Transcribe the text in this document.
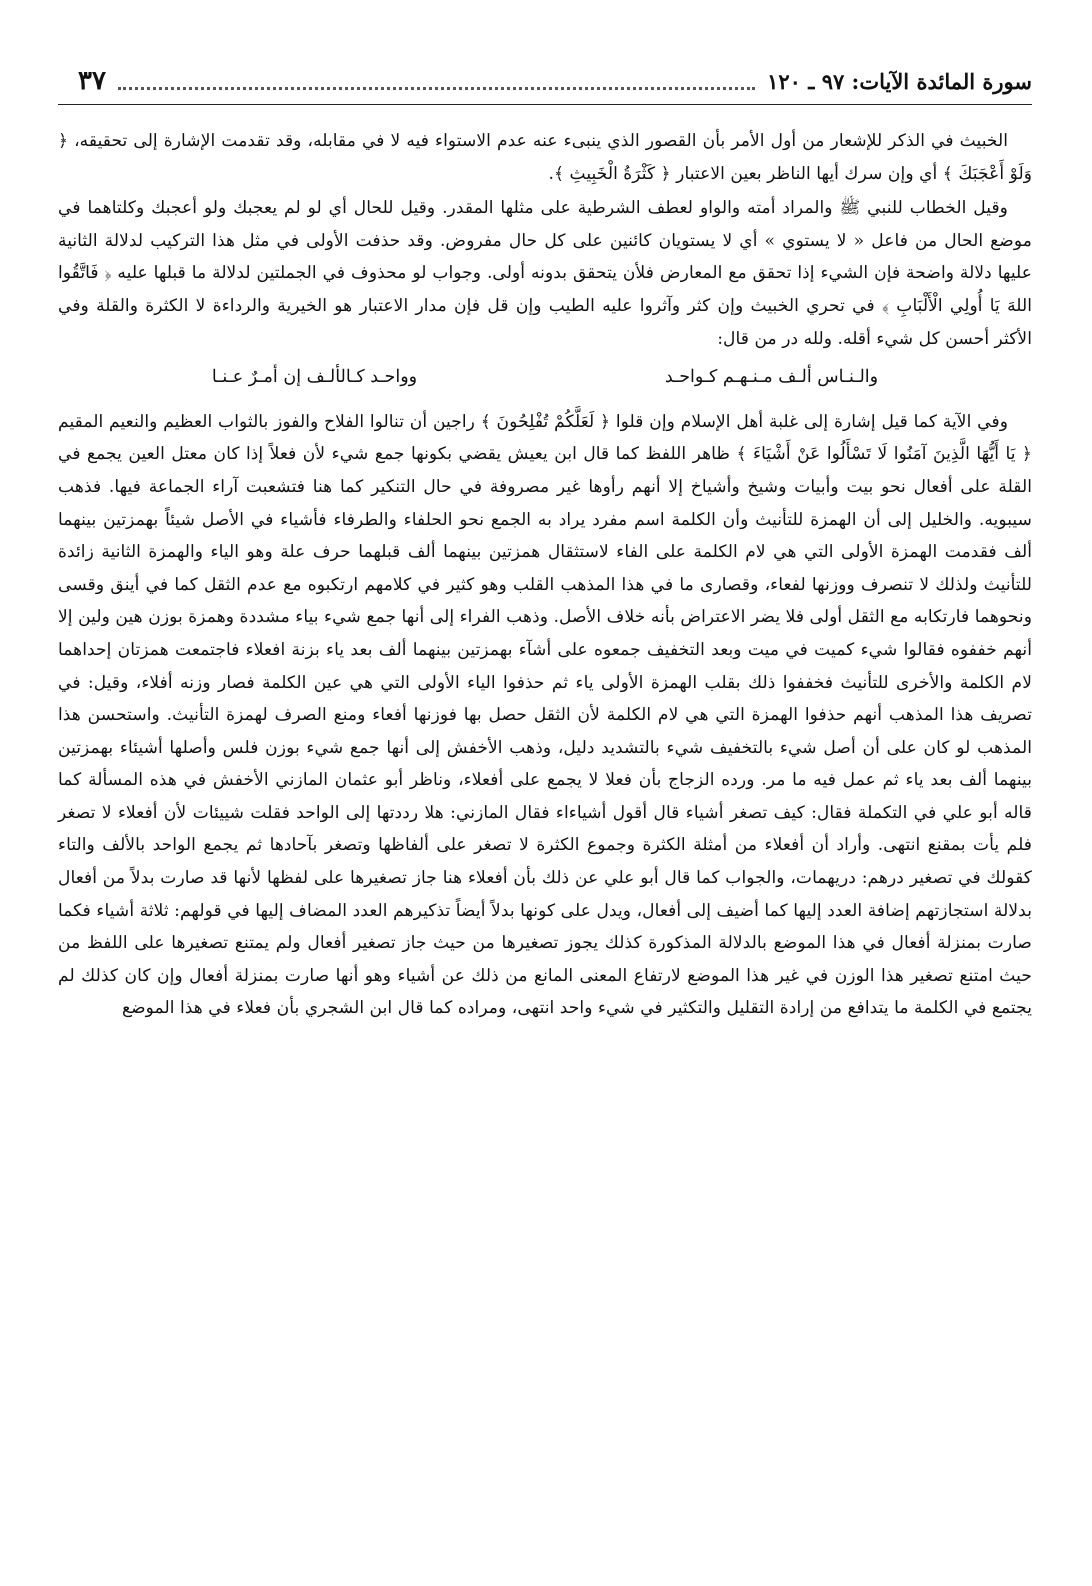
سورة المائدة الآيات: ٩٧ ـ ١٢٠
٣٧

الخبيث في الذكر للإشعار من أول الأمر بأن القصور الذي ينبىء عنه عدم الاستواء فيه لا في مقابله، وقد تقدمت الإشارة إلى تحقيقه، ﴿ وَلَوْ أَعْجَبَكَ ﴾ أي وإن سرك أيها الناظر بعين الاعتبار ﴿ كَثْرَةُ الْخَبِيثِ ﴾.

وقيل الخطاب للنبي ﷺ والمراد أمته والواو لعطف الشرطية على مثلها المقدر. وقيل للحال أي لو لم يعجبك ولو أعجبك وكلتاهما في موضع الحال من فاعل « لا يستوي » أي لا يستويان كائنين على كل حال مفروض. وقد حذفت الأولى في مثل هذا التركيب لدلالة الثانية عليها دلالة واضحة فإن الشيء إذا تحقق مع المعارض فلأن يتحقق بدونه أولى. وجواب لو محذوف في الجملتين لدلالة ما قبلها عليه ﴿ فَاتَّقُوا اللهَ يَا أُولِي الْأَلْبَابِ ﴾ في تحري الخبيث وإن كثر وآثروا عليه الطيب وإن قل فإن مدار الاعتبار هو الخيرية والرداءة لا الكثرة والقلة وفي الأكثر أحسن كل شيء أقله. ولله در من قال:

والـنـاس ألـف مـنـهـم كـواحـد
وواحـد كـالألـف إن أمـرٌ عـنـا

وفي الآية كما قيل إشارة إلى غلبة أهل الإسلام وإن قلوا ﴿ لَعَلَّكُمْ تُفْلِحُونَ ﴾ راجين أن تنالوا الفلاح والفوز بالثواب العظيم والنعيم المقيم ﴿ يَا أَيُّهَا الَّذِينَ آمَنُوا لَا تَسْأَلُوا عَنْ أَشْيَاءَ ﴾ ظاهر اللفظ كما قال ابن يعيش يقضي بكونها جمع شيء لأن فعلاً إذا كان معتل العين يجمع في القلة على أفعال نحو بيت وأبيات وشيخ وأشياخ إلا أنهم رأوها غير مصروفة في حال التنكير كما هنا فتشعبت آراء الجماعة فيها. فذهب سيبويه. والخليل إلى أن الهمزة للتأنيث وأن الكلمة اسم مفرد يراد به الجمع نحو الحلفاء والطرفاء فأشياء في الأصل شيئاً بهمزتين بينهما ألف فقدمت الهمزة الأولى التي هي لام الكلمة على الفاء لاستثقال همزتين بينهما ألف قبلهما حرف علة وهو الياء والهمزة الثانية زائدة للتأنيث ولذلك لا تنصرف ووزنها لفعاء، وقصارى ما في هذا المذهب القلب وهو كثير في كلامهم ارتكبوه مع عدم الثقل كما في أينق وقسى ونحوهما فارتكابه مع الثقل أولى فلا يضر الاعتراض بأنه خلاف الأصل. وذهب الفراء إلى أنها جمع شيء بياء مشددة وهمزة بوزن هين ولين إلا أنهم خففوه فقالوا شيء كميت في ميت وبعد التخفيف جمعوه على أشآء بهمزتين بينهما ألف بعد ياء بزنة افعلاء فاجتمعت همزتان إحداهما لام الكلمة والأخرى للتأنيث فخففوا ذلك بقلب الهمزة الأولى ياء ثم حذفوا الياء الأولى التي هي عين الكلمة فصار وزنه أفلاء، وقيل: في تصريف هذا المذهب أنهم حذفوا الهمزة التي هي لام الكلمة لأن الثقل حصل بها فوزنها أفعاء ومنع الصرف لهمزة التأنيث. واستحسن هذا المذهب لو كان على أن أصل شيء بالتخفيف شيء بالتشديد دليل، وذهب الأخفش إلى أنها جمع شيء بوزن فلس وأصلها أشيئاء بهمزتين بينهما ألف بعد ياء ثم عمل فيه ما مر. ورده الزجاج بأن فعلا لا يجمع على أفعلاء، وناظر أبو عثمان المازني الأخفش في هذه المسألة كما قاله أبو علي في التكملة فقال: كيف تصغر أشياء قال أقول أشياءاء فقال المازني: هلا رددتها إلى الواحد فقلت شييئات لأن أفعلاء لا تصغر فلم يأت بمقنع انتهى. وأراد أن أفعلاء من أمثلة الكثرة وجموع الكثرة لا تصغر على ألفاظها وتصغر بآحادها ثم يجمع الواحد بالألف والتاء كقولك في تصغير درهم: دريهمات، والجواب كما قال أبو علي عن ذلك بأن أفعلاء هنا جاز تصغيرها على لفظها لأنها قد صارت بدلاً من أفعال بدلالة استجازتهم إضافة العدد إليها كما أضيف إلى أفعال، ويدل على كونها بدلاً أيضاً تذكيرهم العدد المضاف إليها في قولهم: ثلاثة أشياء فكما صارت بمنزلة أفعال في هذا الموضع بالدلالة المذكورة كذلك يجوز تصغيرها من حيث جاز تصغير أفعال ولم يمتنع تصغيرها على اللفظ من حيث امتنع تصغير هذا الوزن في غير هذا الموضع لارتفاع المعنى المانع من ذلك عن أشياء وهو أنها صارت بمنزلة أفعال وإن كان كذلك لم يجتمع في الكلمة ما يتدافع من إرادة التقليل والتكثير في شيء واحد انتهى، ومراده كما قال ابن الشجري بأن فعلاء في هذا الموضع
